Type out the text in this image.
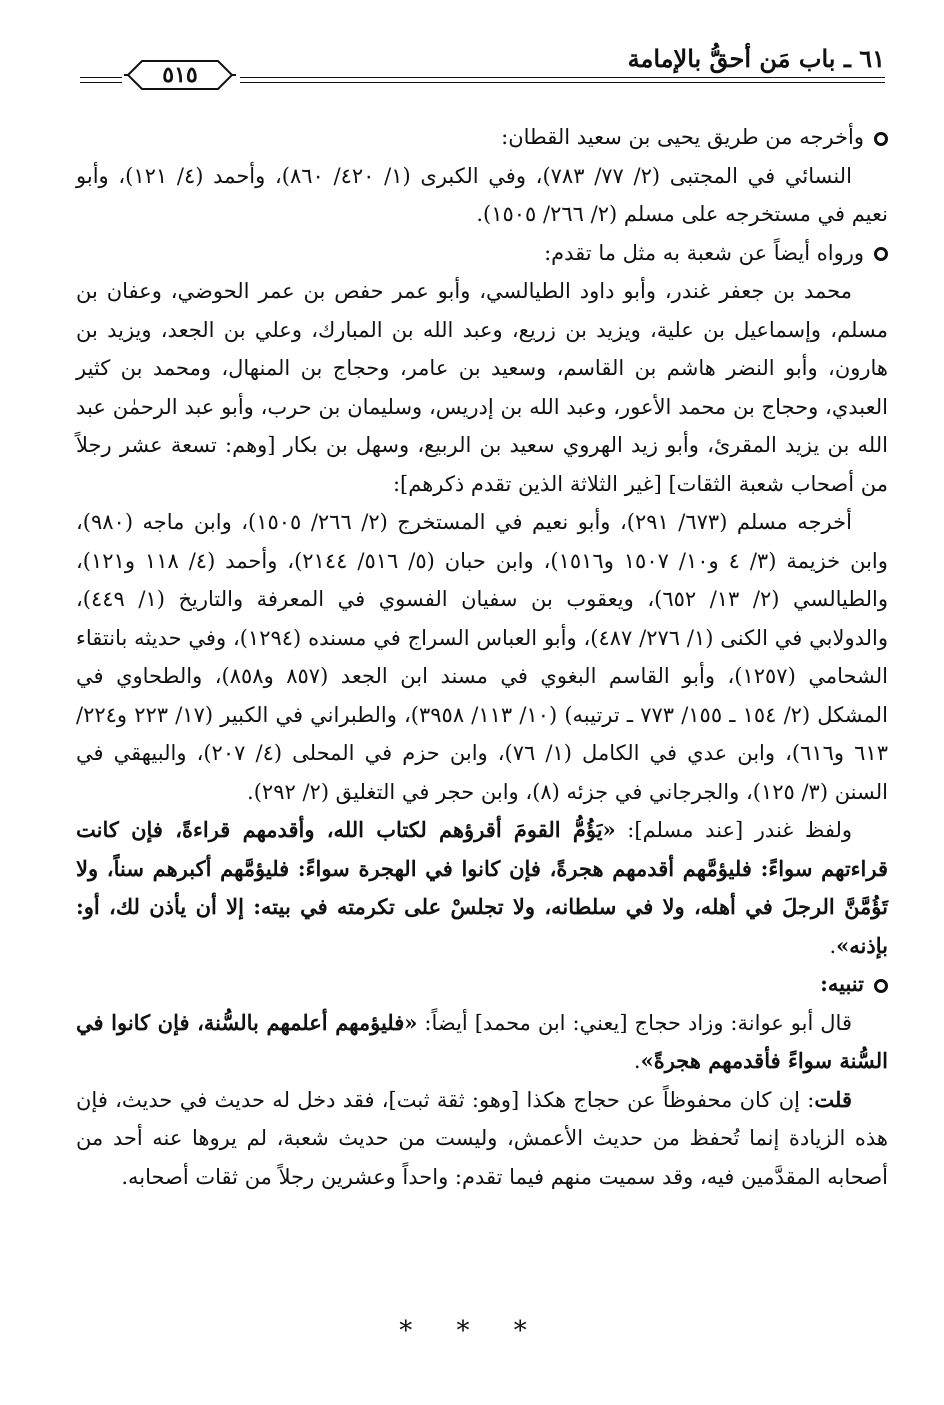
٦١ ـ باب مَن أحقُّ بالإمامة
٥١٥

وأخرجه من طريق يحيى بن سعيد القطان:

النسائي في المجتبى (٢/ ٧٧/ ٧٨٣)، وفي الكبرى (١/ ٤٢٠/ ٨٦٠)، وأحمد (٤/ ١٢١)، وأبو نعيم في مستخرجه على مسلم (٢/ ٢٦٦/ ١٥٠٥).

ورواه أيضاً عن شعبة به مثل ما تقدم:

محمد بن جعفر غندر، وأبو داود الطيالسي، وأبو عمر حفص بن عمر الحوضي، وعفان بن مسلم، وإسماعيل بن علية، ويزيد بن زريع، وعبد الله بن المبارك، وعلي بن الجعد، ويزيد بن هارون، وأبو النضر هاشم بن القاسم، وسعيد بن عامر، وحجاج بن المنهال، ومحمد بن كثير العبدي، وحجاج بن محمد الأعور، وعبد الله بن إدريس، وسليمان بن حرب، وأبو عبد الرحمٰن عبد الله بن يزيد المقرئ، وأبو زيد الهروي سعيد بن الربيع، وسهل بن بكار [وهم: تسعة عشر رجلاً من أصحاب شعبة الثقات] [غير الثلاثة الذين تقدم ذكرهم]:

أخرجه مسلم (٦٧٣/ ٢٩١)، وأبو نعيم في المستخرج (٢/ ٢٦٦/ ١٥٠٥)، وابن ماجه (٩٨٠)، وابن خزيمة (٣/ ٤ و١٠/ ١٥٠٧ و١٥١٦)، وابن حبان (٥/ ٥١٦/ ٢١٤٤)، وأحمد (٤/ ١١٨ و١٢١)، والطيالسي (٢/ ١٣/ ٦٥٢)، ويعقوب بن سفيان الفسوي في المعرفة والتاريخ (١/ ٤٤٩)، والدولابي في الكنى (١/ ٢٧٦/ ٤٨٧)، وأبو العباس السراج في مسنده (١٢٩٤)، وفي حديثه بانتقاء الشحامي (١٢٥٧)، وأبو القاسم البغوي في مسند ابن الجعد (٨٥٧ و٨٥٨)، والطحاوي في المشكل (٢/ ١٥٤ ـ ١٥٥/ ٧٧٣ ـ ترتيبه) (١٠/ ١١٣/ ٣٩٥٨)، والطبراني في الكبير (١٧/ ٢٢٣ و٢٢٤/ ٦١٣ و٦١٦)، وابن عدي في الكامل (١/ ٧٦)، وابن حزم في المحلى (٤/ ٢٠٧)، والبيهقي في السنن (٣/ ١٢٥)، والجرجاني في جزئه (٨)، وابن حجر في التغليق (٢/ ٢٩٢).

ولفظ غندر [عند مسلم]: «يَؤُمُّ القومَ أقرؤهم لكتاب الله، وأقدمهم قراءةً، فإن كانت قراءتهم سواءً: فليؤمَّهم أقدمهم هجرةً، فإن كانوا في الهجرة سواءً: فليؤمَّهم أكبرهم سناً، ولا تَؤُمَّنَّ الرجلَ في أهله، ولا في سلطانه، ولا تجلسْ على تكرمته في بيته: إلا أن يأذن لك، أو: بإذنه».

تنبيه:

قال أبو عوانة: وزاد حجاج [يعني: ابن محمد] أيضاً: «فليؤمهم أعلمهم بالسُّنة، فإن كانوا في السُّنة سواءً فأقدمهم هجرةً».

قلت: إن كان محفوظاً عن حجاج هكذا [وهو: ثقة ثبت]، فقد دخل له حديث في حديث، فإن هذه الزيادة إنما تُحفظ من حديث الأعمش، وليست من حديث شعبة، لم يروها عنه أحد من أصحابه المقدَّمين فيه، وقد سميت منهم فيما تقدم: واحداً وعشرين رجلاً من ثقات أصحابه.

* * *
